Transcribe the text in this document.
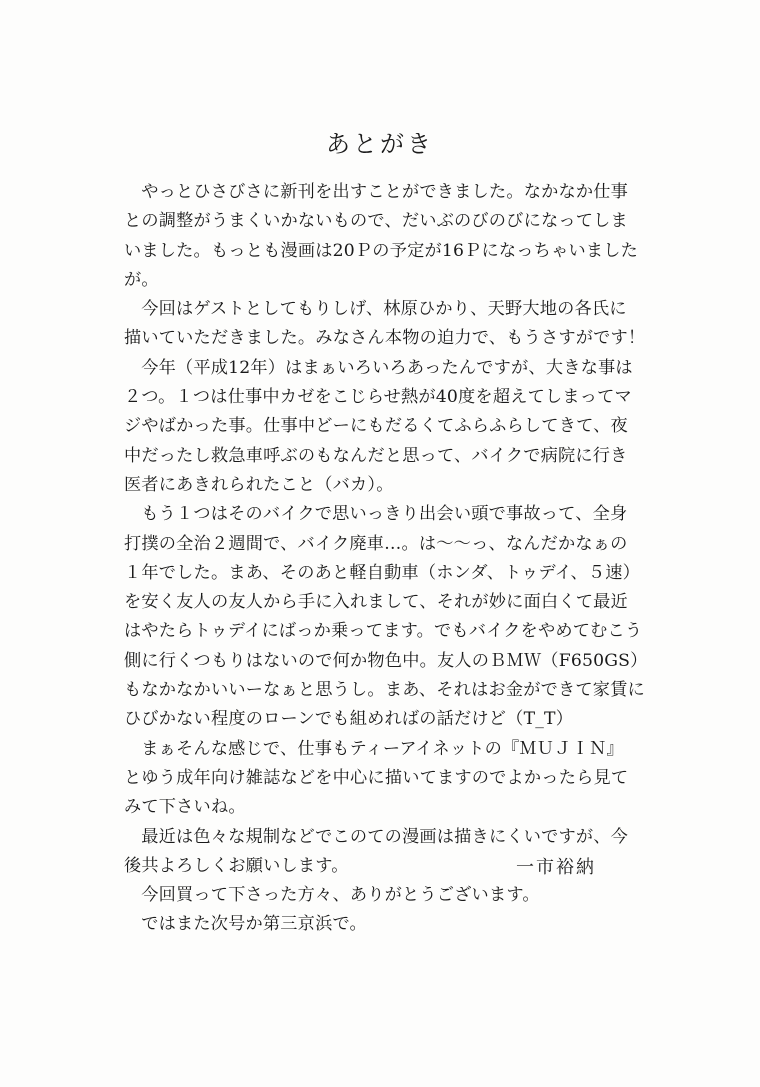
あとがき

やっとひさびさに新刊を出すことができました。なかなか仕事
との調整がうまくいかないもので、だいぶのびのびになってしま
いました。もっとも漫画は20Ｐの予定が16Ｐになっちゃいました
が。

今回はゲストとしてもりしげ、林原ひかり、天野大地の各氏に
描いていただきました。みなさん本物の迫力で、もうさすがです！

今年（平成12年）はまぁいろいろあったんですが、大きな事は
２つ。１つは仕事中カゼをこじらせ熱が40度を超えてしまってマ
ジやばかった事。仕事中どーにもだるくてふらふらしてきて、夜
中だったし救急車呼ぶのもなんだと思って、バイクで病院に行き
医者にあきれられたこと（バカ）。

もう１つはそのバイクで思いっきり出会い頭で事故って、全身
打撲の全治２週間で、バイク廃車…。は～～っ、なんだかなぁの
１年でした。まあ、そのあと軽自動車（ホンダ、トゥデイ、５速）
を安く友人の友人から手に入れまして、それが妙に面白くて最近
はやたらトゥデイにばっか乗ってます。でもバイクをやめてむこう
側に行くつもりはないので何か物色中。友人のＢＭＷ（F650GS）
もなかなかいいーなぁと思うし。まあ、それはお金ができて家賃に
ひびかない程度のローンでも組めればの話だけど（T_T）

まぁそんな感じで、仕事もティーアイネットの『ＭＵＪＩＮ』
とゆう成年向け雑誌などを中心に描いてますのでよかったら見て
みて下さいね。

最近は色々な規制などでこのての漫画は描きにくいですが、今
後共よろしくお願いします。

今回買って下さった方々、ありがとうございます。

ではまた次号か第三京浜で。

一市裕納
